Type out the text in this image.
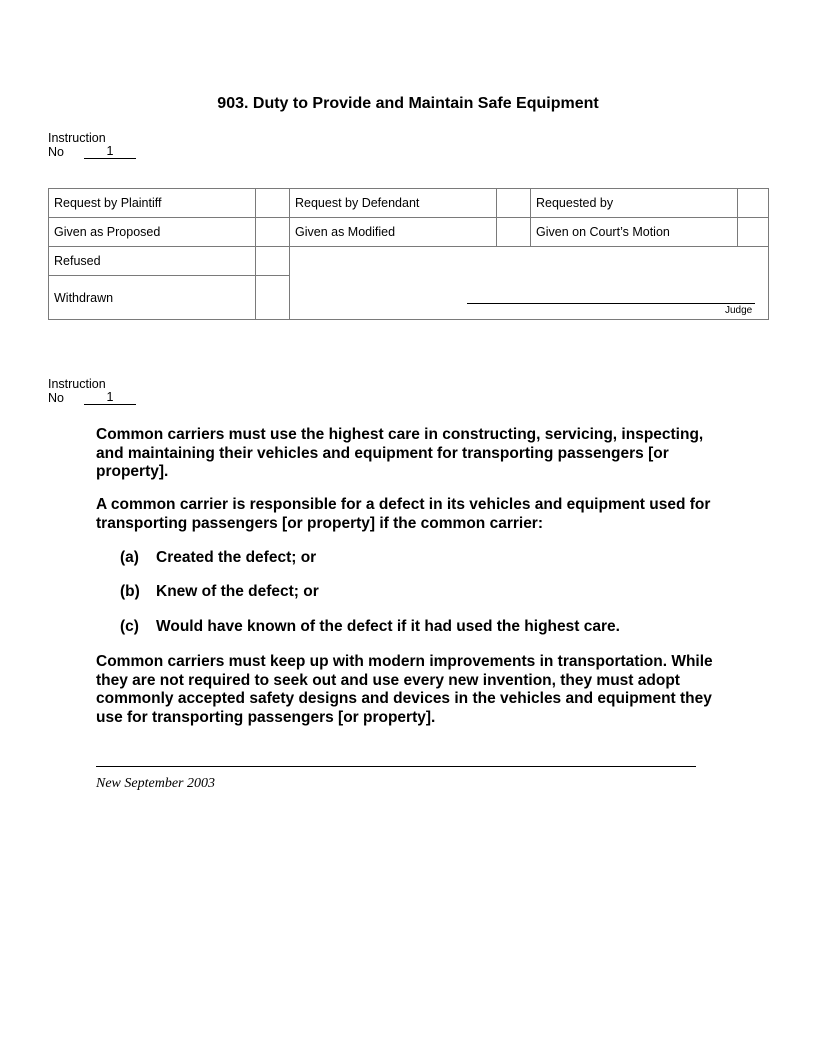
903. Duty to Provide and Maintain Safe Equipment
Instruction
No	1
Request by Plaintiff	Request by Defendant	Requested by
Given as Proposed	Given as Modified	Given on Court’s Motion
Refused
Withdrawn
Judge
Instruction
No	1

Common carriers must use the highest care in constructing, servicing, inspecting, and maintaining their vehicles and equipment for transporting passengers [or property].

A common carrier is responsible for a defect in its vehicles and equipment used for transporting passengers [or property] if the common carrier:

(a)	Created the defect; or
(b)	Knew of the defect; or
(c)	Would have known of the defect if it had used the highest care.

Common carriers must keep up with modern improvements in transportation. While they are not required to seek out and use every new invention, they must adopt commonly accepted safety designs and devices in the vehicles and equipment they use for transporting passengers [or property].

New September 2003
